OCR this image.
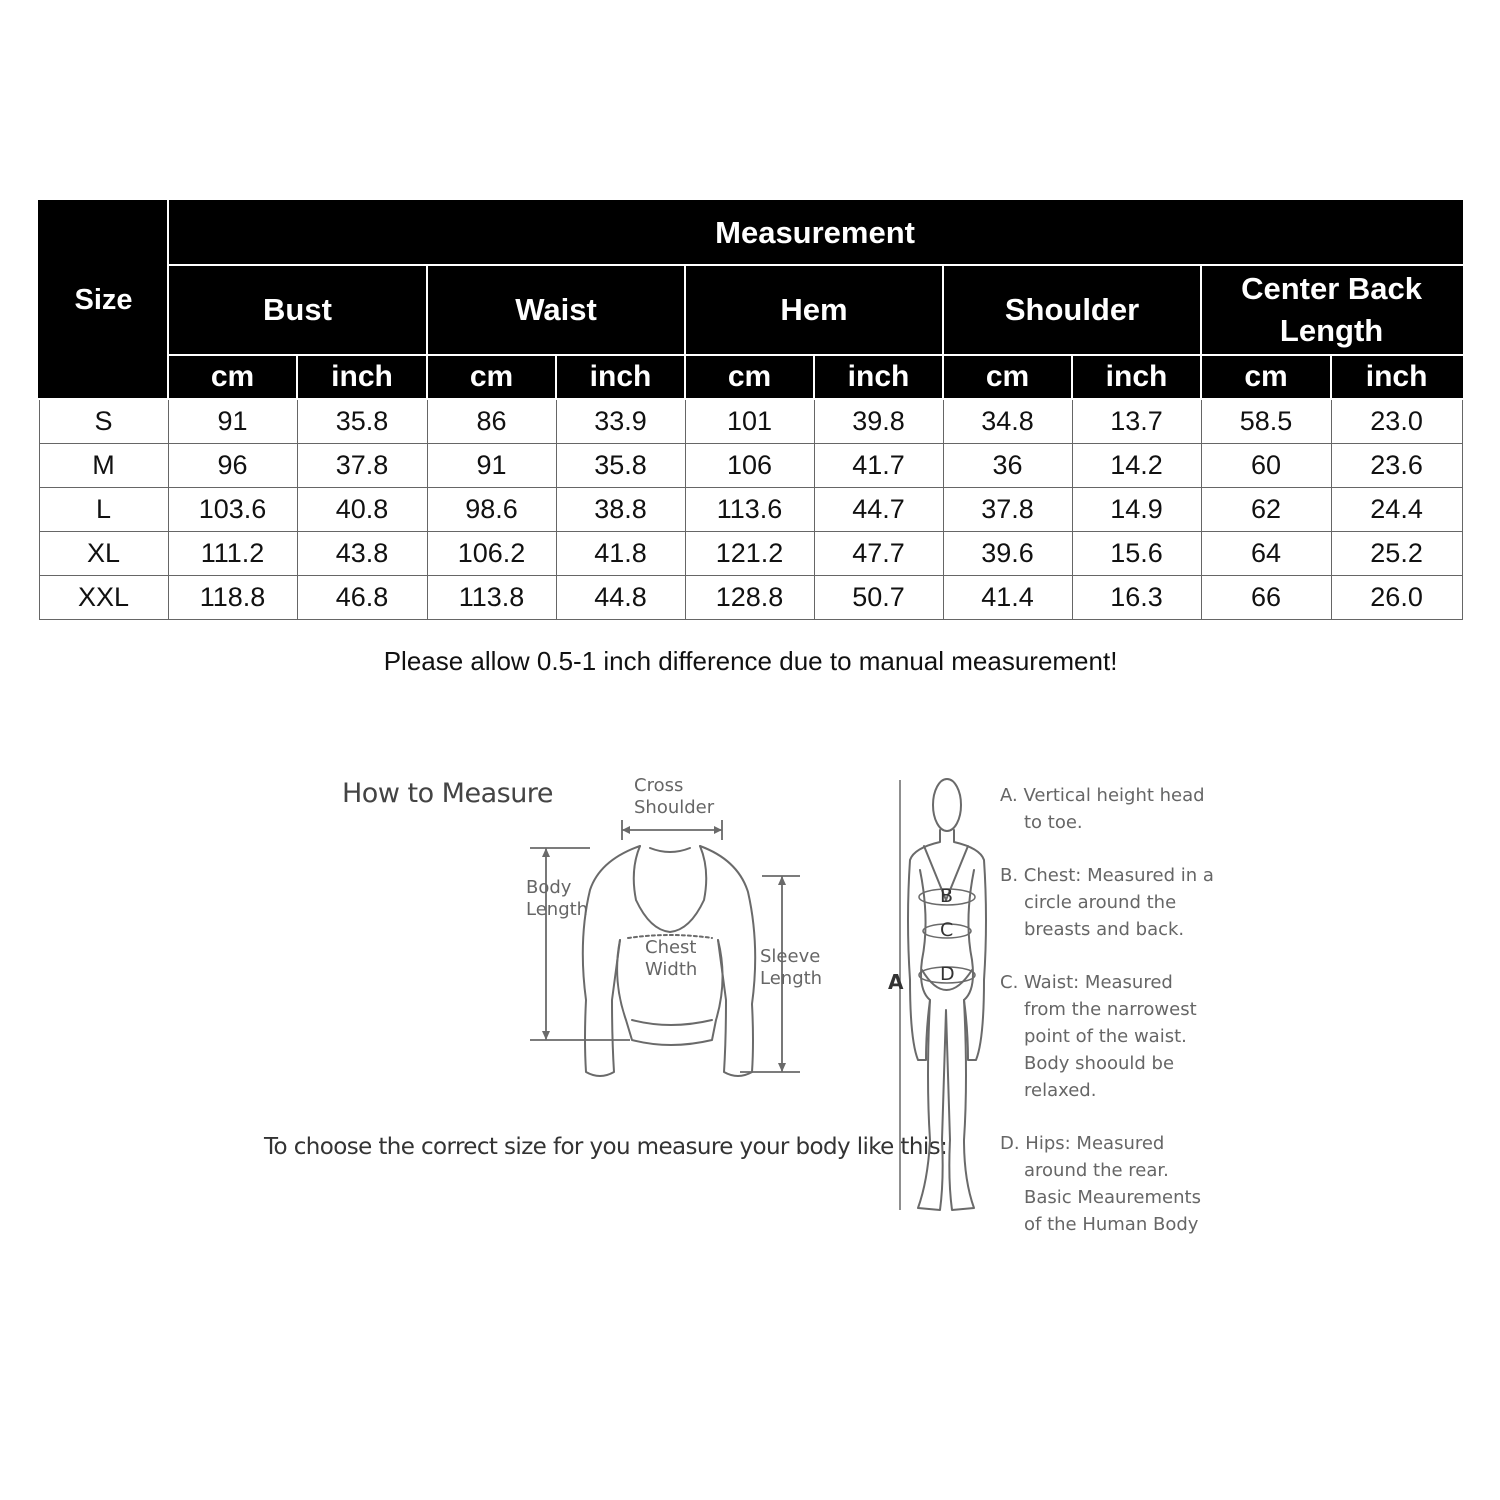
Size	Measurement									
	Bust		Waist		Hem		Shoulder		Center Back Length	
	cm	inch	cm	inch	cm	inch	cm	inch	cm	inch
S	91	35.8	86	33.9	101	39.8	34.8	13.7	58.5	23.0
M	96	37.8	91	35.8	106	41.7	36	14.2	60	23.6
L	103.6	40.8	98.6	38.8	113.6	44.7	37.8	14.9	62	24.4
XL	111.2	43.8	106.2	41.8	121.2	47.7	39.6	15.6	64	25.2
XXL	118.8	46.8	113.8	44.8	128.8	50.7	41.4	16.3	66	26.0
Please allow 0.5-1 inch difference due to manual measurement!										
How to Measure	Cross
Shoulder
Body
Length
Chest
Width
Sleeve
Length
To choose the correct size for you measure your body like this:
A
B
C
D
A. Vertical height head
to toe.
B. Chest: Measured in a
circle around the
breasts and back.
C. Waist: Measured
from the narrowest
point of the waist.
Body shoould be
relaxed.
D. Hips: Measured
around the rear.
Basic Meaurements
of the Human Body
